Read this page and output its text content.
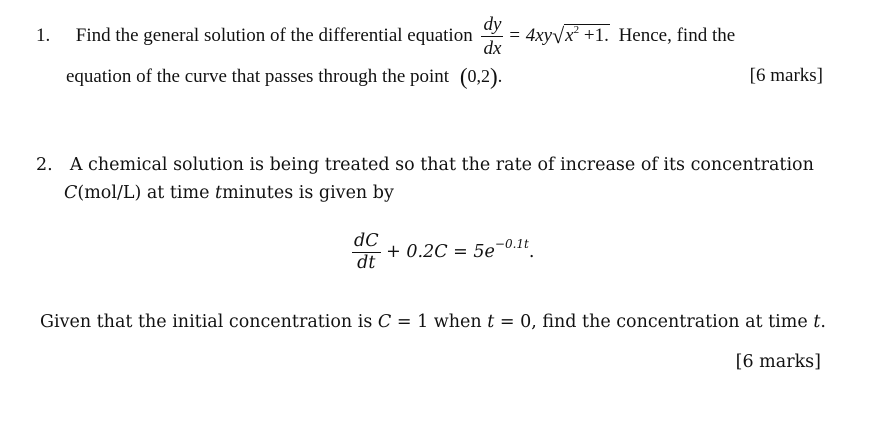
1. Find the general solution of the differential equation $\frac{dy}{dx} = 4xy√x^2 +1$. Hence, find the
equation of the curve that passes through the point (0,2).	[6 marks]
2. A chemical solution is being treated so that the rate of increase of its concentration
C(mol/L) at time tminutes is given by
$\frac{dC}{dt} + 0.2C = 5e^{-0.1t}$.
Given that the initial concentration is C = 1 when t = 0, find the concentration at time t.
[6 marks]
